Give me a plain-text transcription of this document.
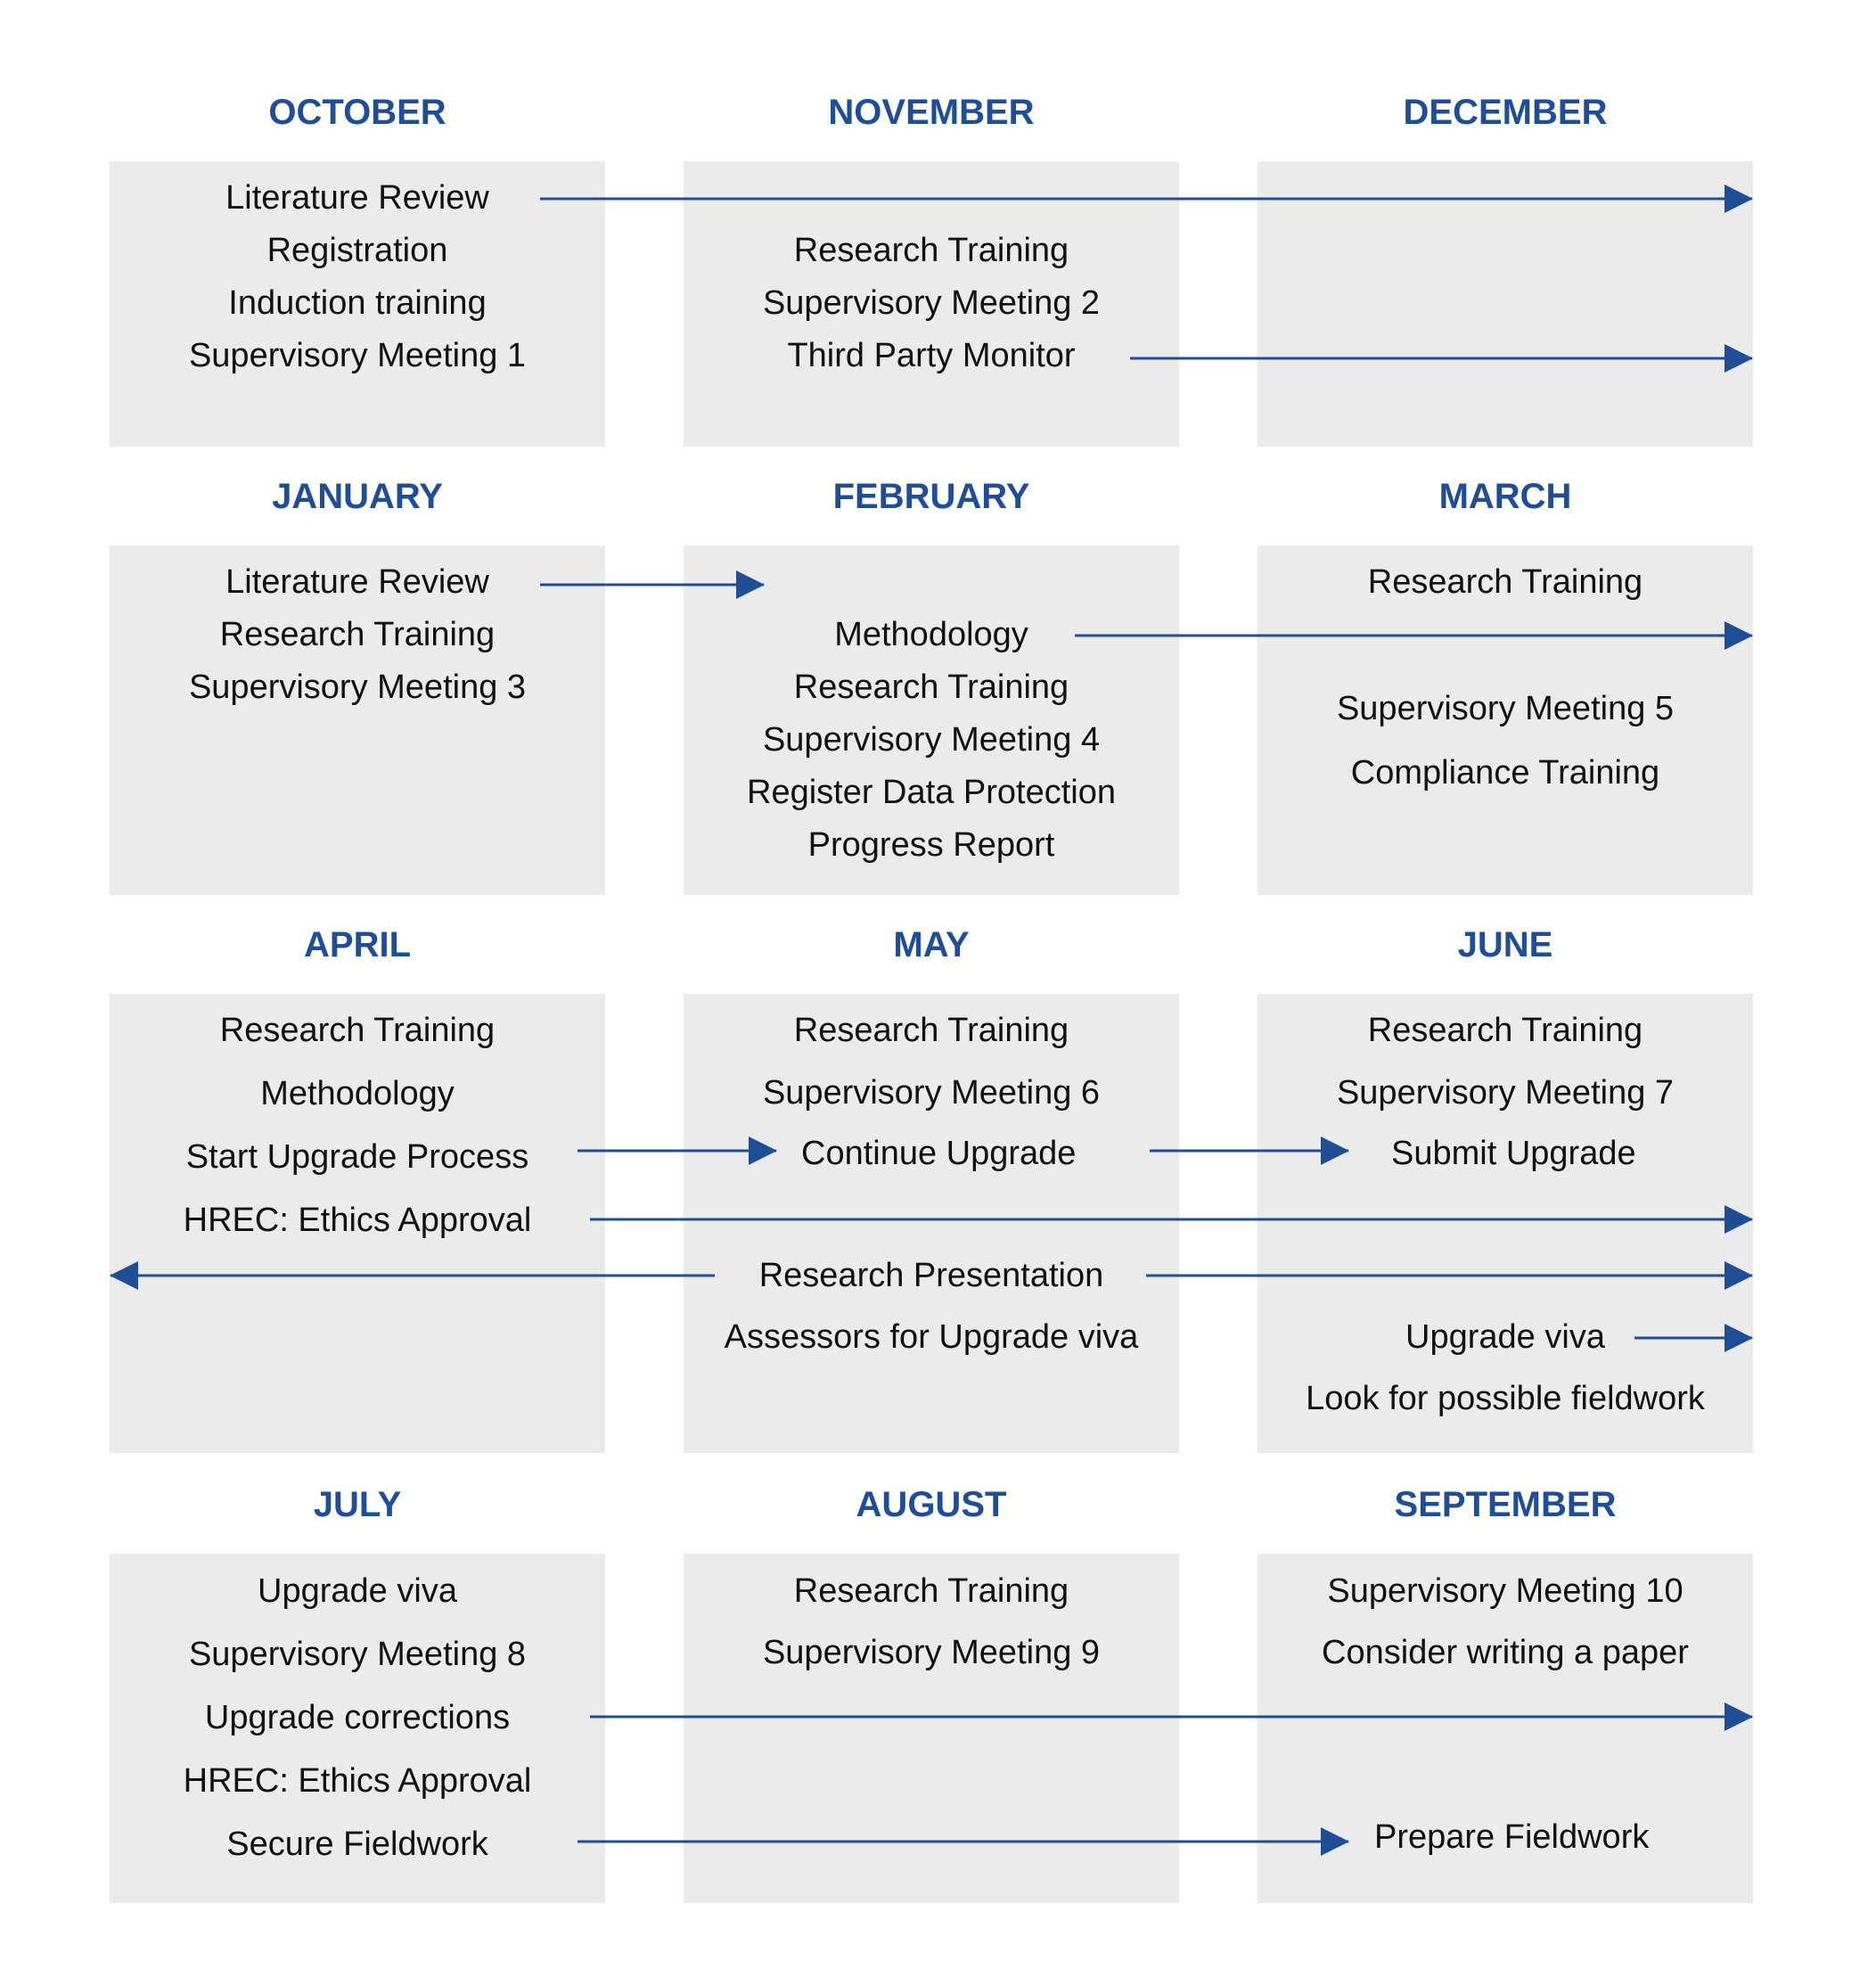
OCTOBER	NOVEMBER	DECEMBER
JANUARY	FEBRUARY	MARCH
APRIL	MAY	JUNE
JULY	AUGUST	SEPTEMBER
Literature Review
Registration
Induction training
Supervisory Meeting 1
Research Training
Supervisory Meeting 2
Third Party Monitor
Literature Review
Research Training
Supervisory Meeting 3
Methodology
Research Training
Supervisory Meeting 4
Register Data Protection
Progress Report
Research Training
Supervisory Meeting 5
Compliance Training
Research Training
Methodology
Start Upgrade Process
HREC: Ethics Approval
Research Training
Supervisory Meeting 6
Continue Upgrade
Research Presentation
Assessors for Upgrade viva
Research Training
Supervisory Meeting 7
Submit Upgrade
Upgrade viva
Look for possible fieldwork
Upgrade viva
Supervisory Meeting 8
Upgrade corrections
HREC: Ethics Approval
Secure Fieldwork
Research Training
Supervisory Meeting 9
Supervisory Meeting 10
Consider writing a paper
Prepare Fieldwork
